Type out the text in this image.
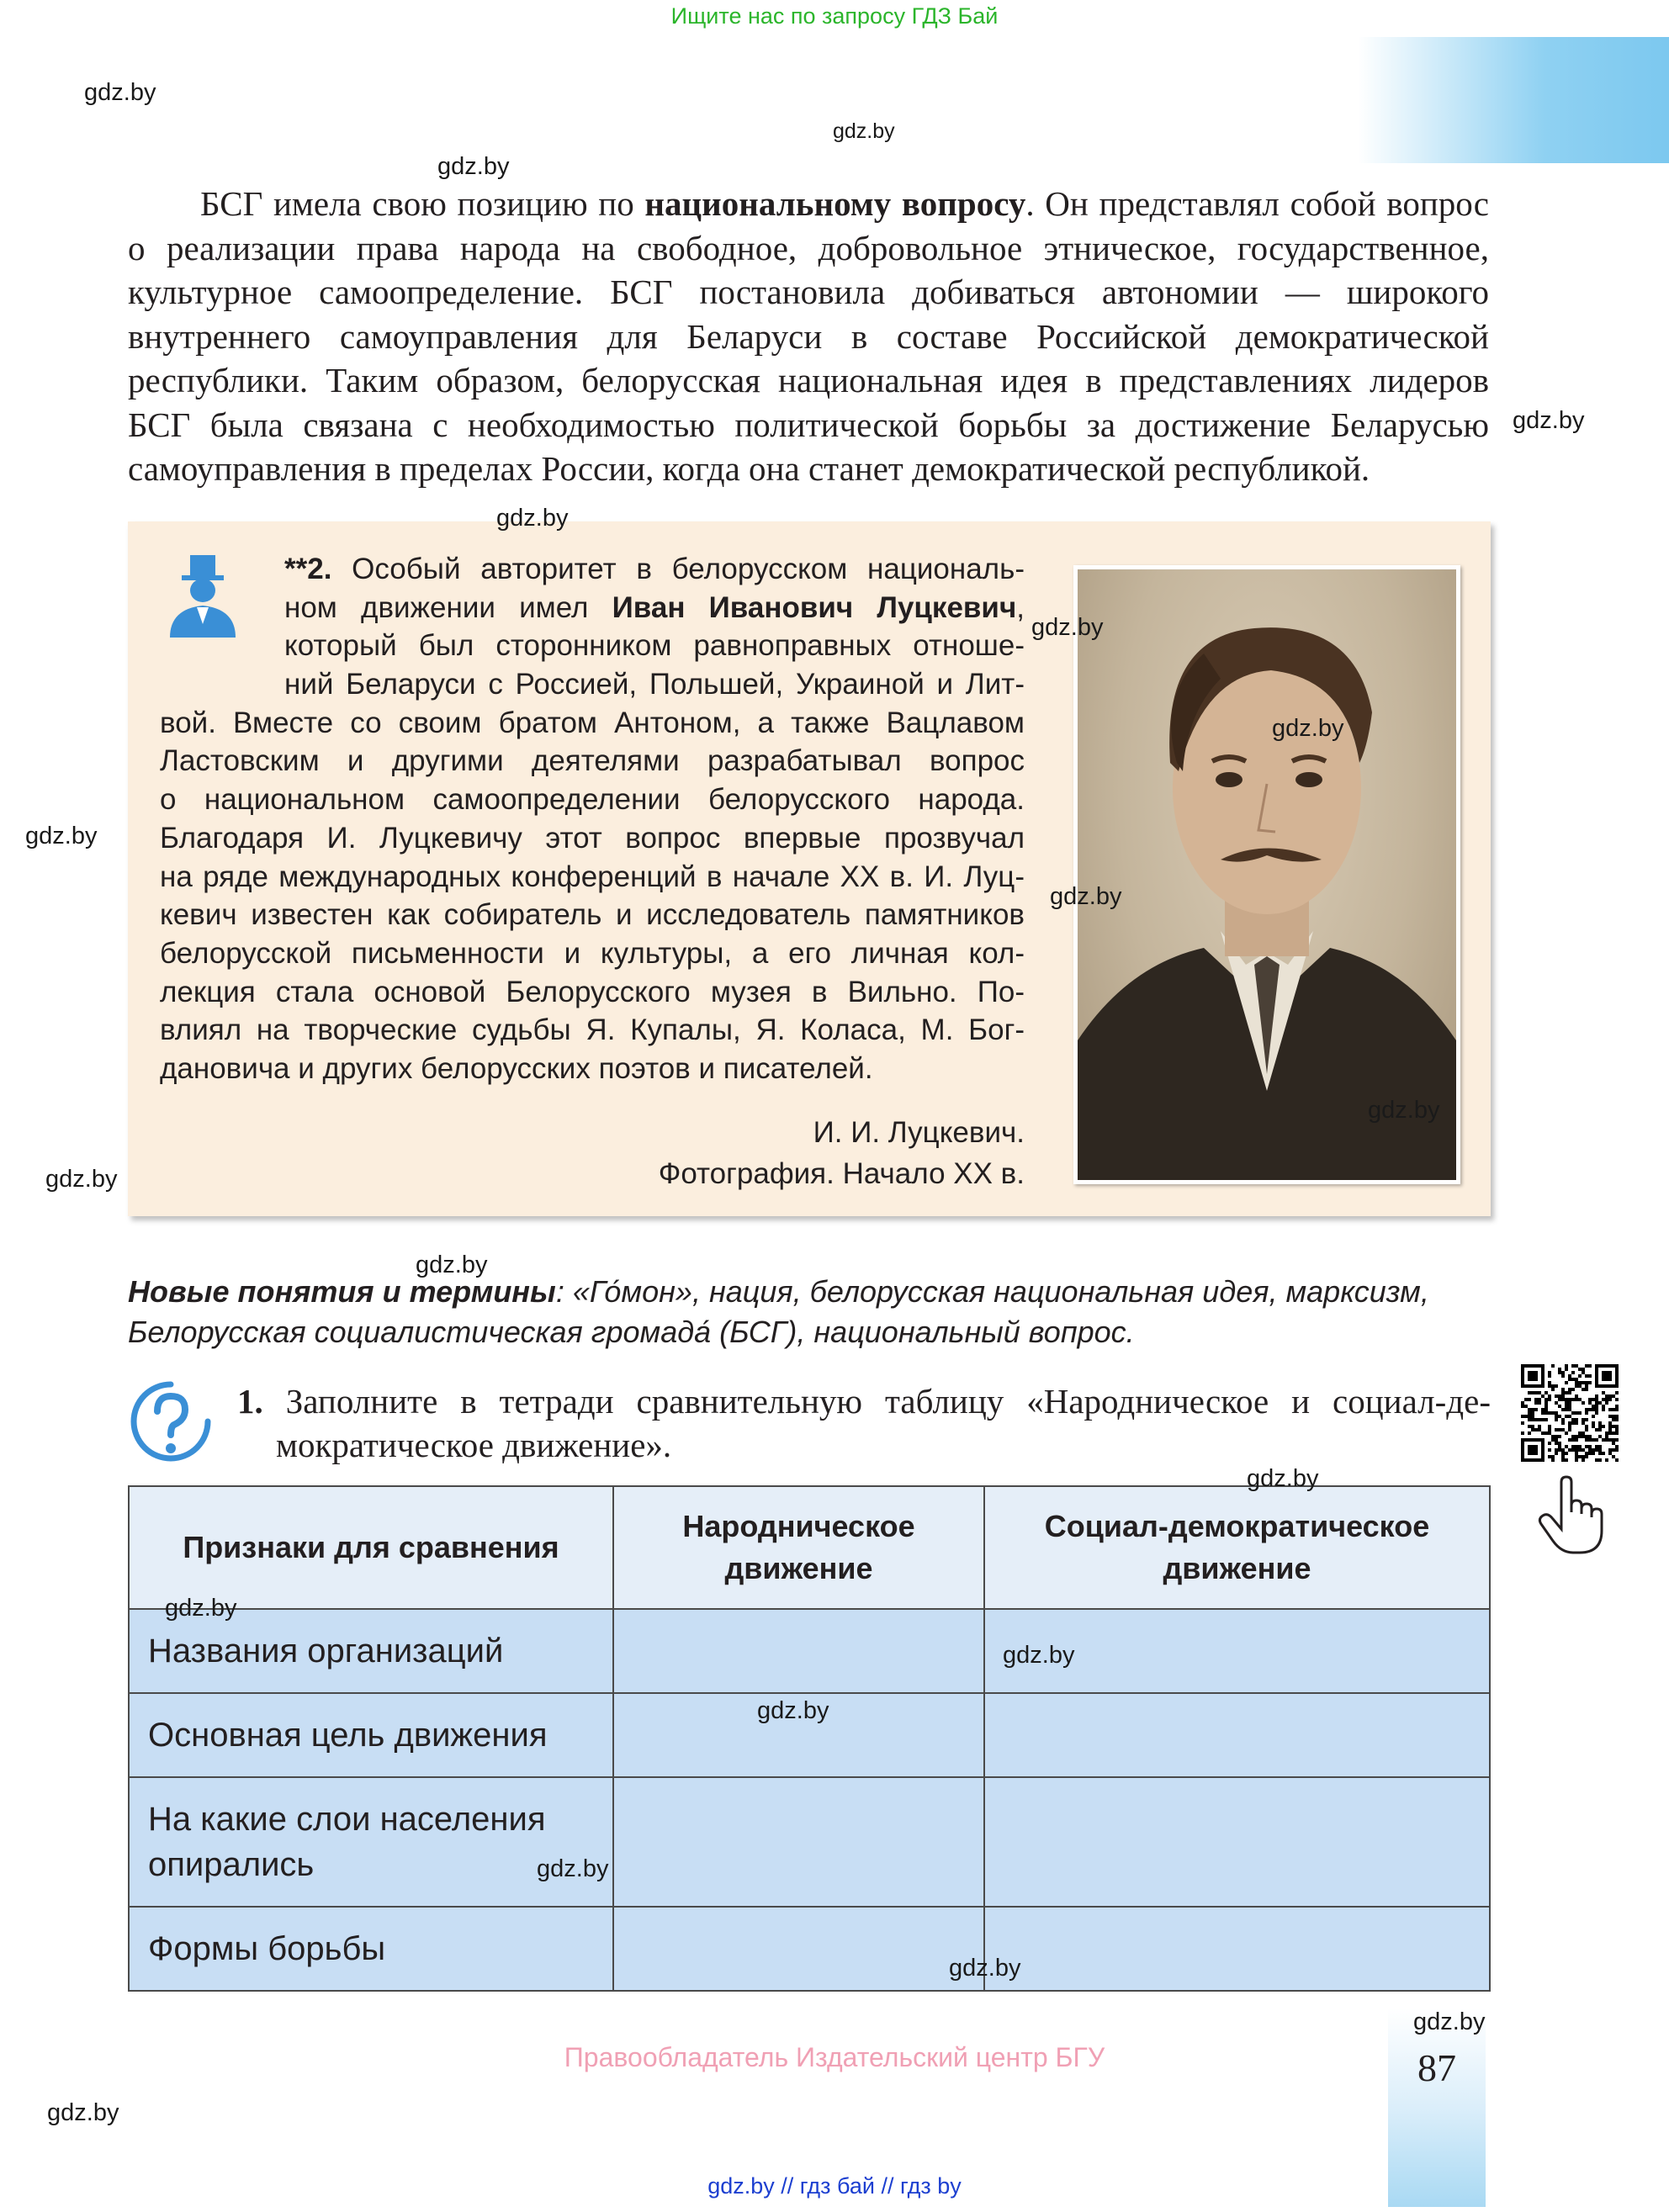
Ищите нас по запросу ГДЗ Бай
БСГ имела свою позицию по национальному вопросу. Он представлял собой вопрос
о реализации права народа на свободное, добровольное этническое, государственное,
культурное самоопределение. БСГ постановила добиваться автономии — широкого
внутреннего самоуправления для Беларуси в составе Российской демократической
республики. Таким образом, белорусская национальная идея в представлениях лидеров
БСГ была связана с необходимостью политической борьбы за достижение Беларусью
самоуправления в пределах России, когда она станет демократической республикой.
**2. Особый авторитет в белорусском националь-
ном движении имел Иван Иванович Луцкевич,
который был сторонником равноправных отноше-
ний Беларуси с Россией, Польшей, Украиной и Лит-
вой. Вместе со своим братом Антоном, а также Вацлавом
Ластовским и другими деятелями разрабатывал вопрос
о национальном самоопределении белорусского народа.
Благодаря И. Луцкевичу этот вопрос впервые прозвучал
на ряде международных конференций в начале XX в. И. Луц-
кевич известен как собиратель и исследователь памятников
белорусской письменности и культуры, а его личная кол-
лекция стала основой Белорусского музея в Вильно. По-
влиял на творческие судьбы Я. Купалы, Я. Коласа, М. Бог-
дановича и других белорусских поэтов и писателей.
И. И. Луцкевич.
Фотография. Начало XX в.
Новые понятия и термины: «Го́мон», нация, белорусская национальная идея, марксизм,
Белорусская социалистическая громада́ (БСГ), национальный вопрос.
1. Заполните в тетради сравнительную таблицу «Народническое и социал-де-
мократическое движение».
Признаки для сравнения	Народническое движение	Социал-демократическое движение
Названия организаций		
Основная цель движения		
На какие слои населения опирались		
Формы борьбы		
87
Правообладатель Издательский центр БГУ
gdz.by // гдз бай // гдз by
gdz.by
gdz.by
gdz.by
gdz.by
gdz.by
gdz.by
gdz.by
gdz.by
gdz.by
gdz.by
gdz.by
gdz.by
gdz.by
gdz.by
gdz.by
gdz.by
gdz.by
gdz.by
gdz.by
gdz.by
